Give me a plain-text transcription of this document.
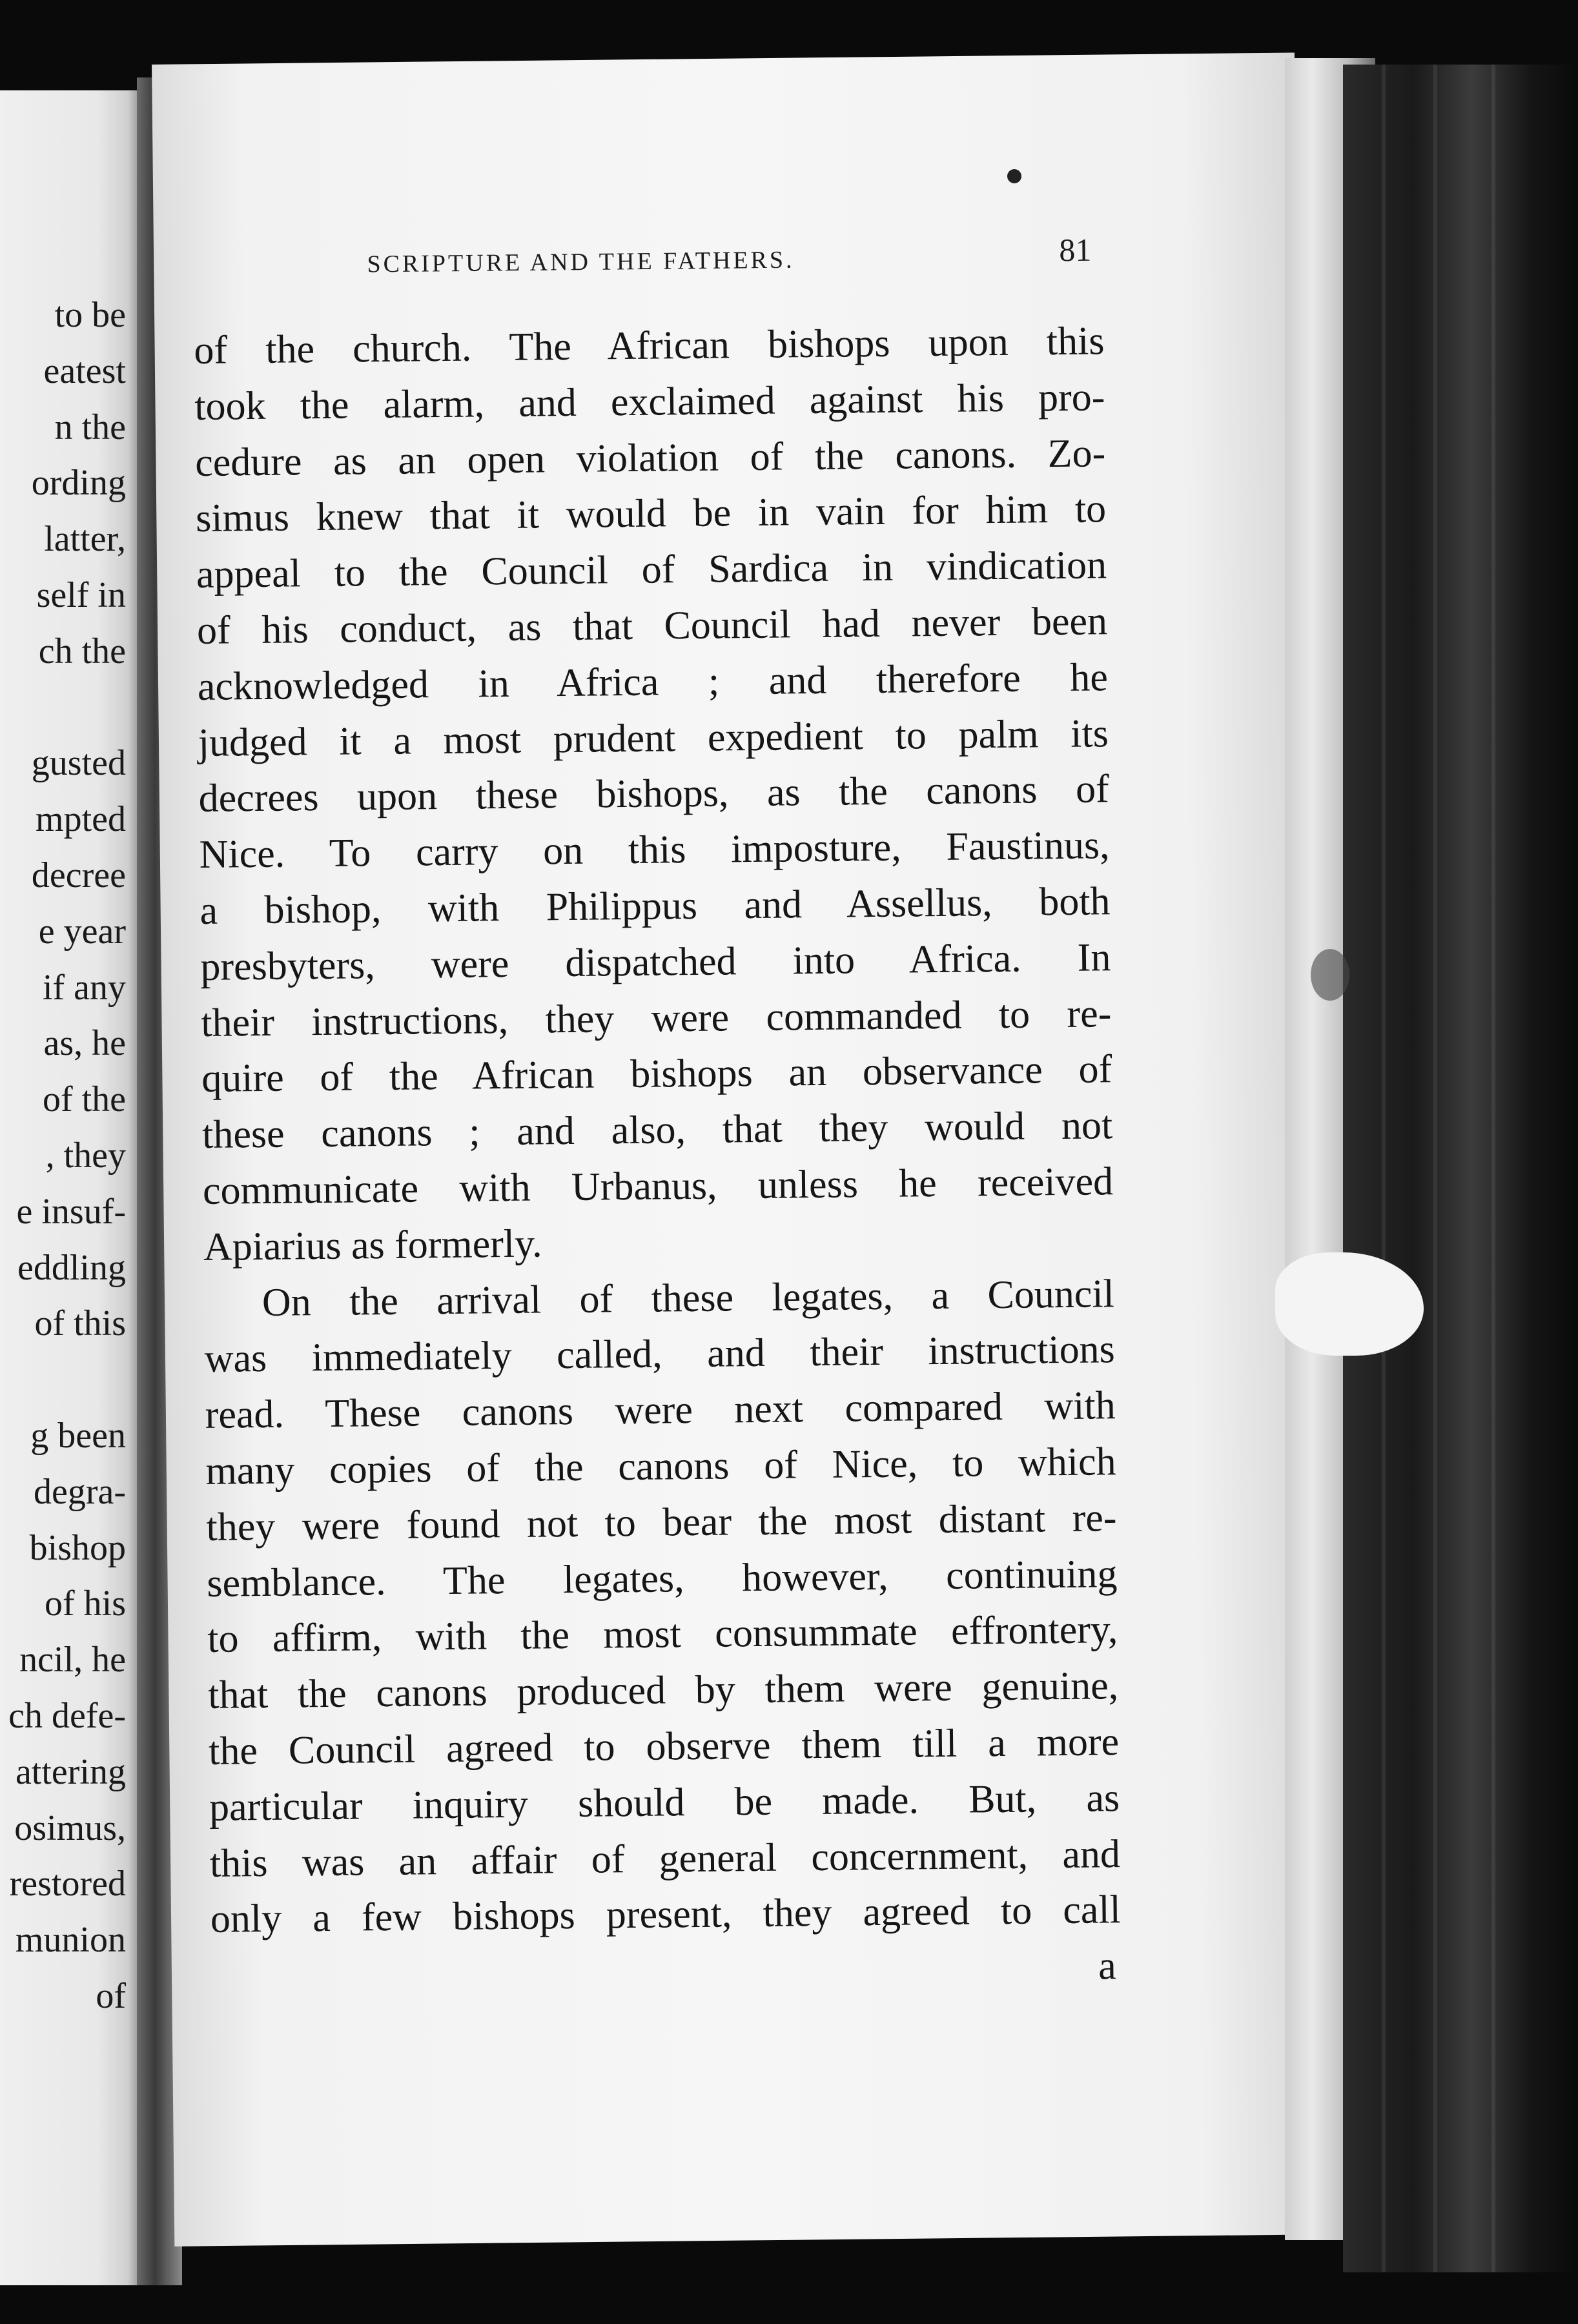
to be
eatest
n the
ording
latter,
self in
ch the

gusted
mpted
decree
e year
if any
as, he
of the
, they
e insuf-
eddling
of this

g been
degra-
bishop
of his
ncil, he
ch defe-
attering
osimus,
restored
munion
of
SCRIPTURE AND THE FATHERS.	81
of the church. The African bishops upon this
took the alarm, and exclaimed against his pro-
cedure as an open violation of the canons. Zo-
simus knew that it would be in vain for him to
appeal to the Council of Sardica in vindication
of his conduct, as that Council had never been
acknowledged in Africa ; and therefore he
judged it a most prudent expedient to palm its
decrees upon these bishops, as the canons of
Nice. To carry on this imposture, Faustinus,
a bishop, with Philippus and Assellus, both
presbyters, were dispatched into Africa. In
their instructions, they were commanded to re-
quire of the African bishops an observance of
these canons ; and also, that they would not
communicate with Urbanus, unless he received
Apiarius as formerly.
On the arrival of these legates, a Council
was immediately called, and their instructions
read. These canons were next compared with
many copies of the canons of Nice, to which
they were found not to bear the most distant re-
semblance. The legates, however, continuing
to affirm, with the most consummate effrontery,
that the canons produced by them were genuine,
the Council agreed to observe them till a more
particular inquiry should be made. But, as
this was an affair of general concernment, and
only a few bishops present, they agreed to call
a
